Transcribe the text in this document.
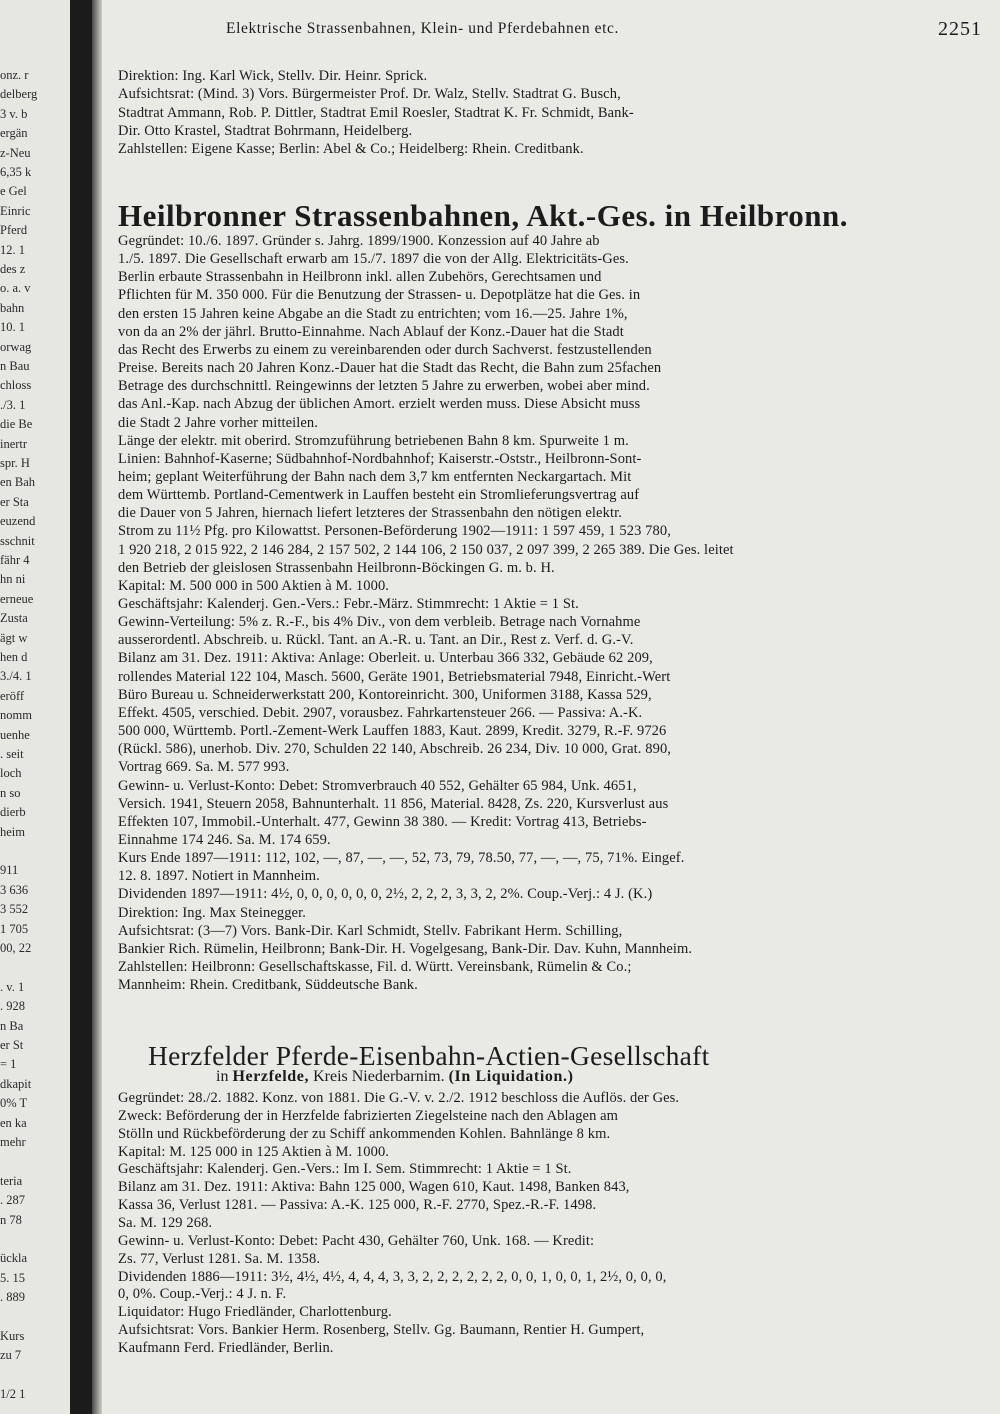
onz. r
delberg
3 v. b
ergän
z-Neu
6,35 k
e Gel
Einric
Pferd
12. 1
des z
o. a. v
bahn
10. 1
orwag
n Bau
chloss
./3. 1
die Be
inertr
spr. H
en Bah
er Sta
euzend
sschnit
fähr 4
hn ni
erneue
Zusta
ägt w
hen d
3./4. 1
eröff
nomm
uenhe
. seit
loch
n so
dierb
heim
911
3 636
3 552
1 705
00, 22
. v. 1
. 928
n Ba
er St
= 1
dkapit
0% T
en ka
mehr
teria
. 287
n 78
ückla
5. 15
. 889
Kurs
zu 7
1/2 1
Elektrische Strassenbahnen, Klein- und Pferdebahnen etc.	2251
Direktion: Ing. Karl Wick, Stellv. Dir. Heinr. Sprick.
Aufsichtsrat: (Mind. 3) Vors. Bürgermeister Prof. Dr. Walz, Stellv. Stadtrat G. Busch,
Stadtrat Ammann, Rob. P. Dittler, Stadtrat Emil Roesler, Stadtrat K. Fr. Schmidt, Bank-
Dir. Otto Krastel, Stadtrat Bohrmann, Heidelberg.
Zahlstellen: Eigene Kasse; Berlin: Abel & Co.; Heidelberg: Rhein. Creditbank.
Heilbronner Strassenbahnen, Akt.-Ges. in Heilbronn.
Gegründet: 10./6. 1897. Gründer s. Jahrg. 1899/1900. Konzession auf 40 Jahre ab
1./5. 1897. Die Gesellschaft erwarb am 15./7. 1897 die von der Allg. Elektricitäts-Ges.
Berlin erbaute Strassenbahn in Heilbronn inkl. allen Zubehörs, Gerechtsamen und
Pflichten für M. 350 000. Für die Benutzung der Strassen- u. Depotplätze hat die Ges. in
den ersten 15 Jahren keine Abgabe an die Stadt zu entrichten; vom 16.—25. Jahre 1%,
von da an 2% der jährl. Brutto-Einnahme. Nach Ablauf der Konz.-Dauer hat die Stadt
das Recht des Erwerbs zu einem zu vereinbarenden oder durch Sachverst. festzustellenden
Preise. Bereits nach 20 Jahren Konz.-Dauer hat die Stadt das Recht, die Bahn zum 25fachen
Betrage des durchschnittl. Reingewinns der letzten 5 Jahre zu erwerben, wobei aber mind.
das Anl.-Kap. nach Abzug der üblichen Amort. erzielt werden muss. Diese Absicht muss
die Stadt 2 Jahre vorher mitteilen.
Länge der elektr. mit oberird. Stromzuführung betriebenen Bahn 8 km. Spurweite 1 m.
Linien: Bahnhof-Kaserne; Südbahnhof-Nordbahnhof; Kaiserstr.-Oststr., Heilbronn-Sont-
heim; geplant Weiterführung der Bahn nach dem 3,7 km entfernten Neckargartach. Mit
dem Württemb. Portland-Cementwerk in Lauffen besteht ein Stromlieferungsvertrag auf
die Dauer von 5 Jahren, hiernach liefert letzteres der Strassenbahn den nötigen elektr.
Strom zu 11½ Pfg. pro Kilowattst. Personen-Beförderung 1902—1911: 1 597 459, 1 523 780,
1 920 218, 2 015 922, 2 146 284, 2 157 502, 2 144 106, 2 150 037, 2 097 399, 2 265 389. Die Ges. leitet
den Betrieb der gleislosen Strassenbahn Heilbronn-Böckingen G. m. b. H.
Kapital: M. 500 000 in 500 Aktien à M. 1000.
Geschäftsjahr: Kalenderj. Gen.-Vers.: Febr.-März. Stimmrecht: 1 Aktie = 1 St.
Gewinn-Verteilung: 5% z. R.-F., bis 4% Div., von dem verbleib. Betrage nach Vornahme
ausserordentl. Abschreib. u. Rückl. Tant. an A.-R. u. Tant. an Dir., Rest z. Verf. d. G.-V.
Bilanz am 31. Dez. 1911: Aktiva: Anlage: Oberleit. u. Unterbau 366 332, Gebäude 62 209,
rollendes Material 122 104, Masch. 5600, Geräte 1901, Betriebsmaterial 7948, Einricht.-Wert
Büro Bureau u. Schneiderwerkstatt 200, Kontoreinricht. 300, Uniformen 3188, Kassa 529,
Effekt. 4505, verschied. Debit. 2907, vorausbez. Fahrkartensteuer 266. — Passiva: A.-K.
500 000, Württemb. Portl.-Zement-Werk Lauffen 1883, Kaut. 2899, Kredit. 3279, R.-F. 9726
(Rückl. 586), unerhob. Div. 270, Schulden 22 140, Abschreib. 26 234, Div. 10 000, Grat. 890,
Vortrag 669. Sa. M. 577 993.
Gewinn- u. Verlust-Konto: Debet: Stromverbrauch 40 552, Gehälter 65 984, Unk. 4651,
Versich. 1941, Steuern 2058, Bahnunterhalt. 11 856, Material. 8428, Zs. 220, Kursverlust aus
Effekten 107, Immobil.-Unterhalt. 477, Gewinn 38 380. — Kredit: Vortrag 413, Betriebs-
Einnahme 174 246. Sa. M. 174 659.
Kurs Ende 1897—1911: 112, 102, —, 87, —, —, 52, 73, 79, 78.50, 77, —, —, 75, 71%. Eingef.
12. 8. 1897. Notiert in Mannheim.
Dividenden 1897—1911: 4½, 0, 0, 0, 0, 0, 0, 2½, 2, 2, 2, 3, 3, 2, 2%. Coup.-Verj.: 4 J. (K.)
Direktion: Ing. Max Steinegger.
Aufsichtsrat: (3—7) Vors. Bank-Dir. Karl Schmidt, Stellv. Fabrikant Herm. Schilling,
Bankier Rich. Rümelin, Heilbronn; Bank-Dir. H. Vogelgesang, Bank-Dir. Dav. Kuhn, Mannheim.
Zahlstellen: Heilbronn: Gesellschaftskasse, Fil. d. Württ. Vereinsbank, Rümelin & Co.;
Mannheim: Rhein. Creditbank, Süddeutsche Bank.
Herzfelder Pferde-Eisenbahn-Actien-Gesellschaft
in Herzfelde, Kreis Niederbarnim. (In Liquidation.)
Gegründet: 28./2. 1882. Konz. von 1881. Die G.-V. v. 2./2. 1912 beschloss die Auflös. der Ges.
Zweck: Beförderung der in Herzfelde fabrizierten Ziegelsteine nach den Ablagen am
Stölln und Rückbeförderung der zu Schiff ankommenden Kohlen. Bahnlänge 8 km.
Kapital: M. 125 000 in 125 Aktien à M. 1000.
Geschäftsjahr: Kalenderj. Gen.-Vers.: Im I. Sem. Stimmrecht: 1 Aktie = 1 St.
Bilanz am 31. Dez. 1911: Aktiva: Bahn 125 000, Wagen 610, Kaut. 1498, Banken 843,
Kassa 36, Verlust 1281. — Passiva: A.-K. 125 000, R.-F. 2770, Spez.-R.-F. 1498.
Sa. M. 129 268.
Gewinn- u. Verlust-Konto: Debet: Pacht 430, Gehälter 760, Unk. 168. — Kredit:
Zs. 77, Verlust 1281. Sa. M. 1358.
Dividenden 1886—1911: 3½, 4½, 4½, 4, 4, 4, 3, 3, 2, 2, 2, 2, 2, 2, 0, 0, 1, 0, 0, 1, 2½, 0, 0, 0,
0, 0%. Coup.-Verj.: 4 J. n. F.
Liquidator: Hugo Friedländer, Charlottenburg.
Aufsichtsrat: Vors. Bankier Herm. Rosenberg, Stellv. Gg. Baumann, Rentier H. Gumpert,
Kaufmann Ferd. Friedländer, Berlin.
